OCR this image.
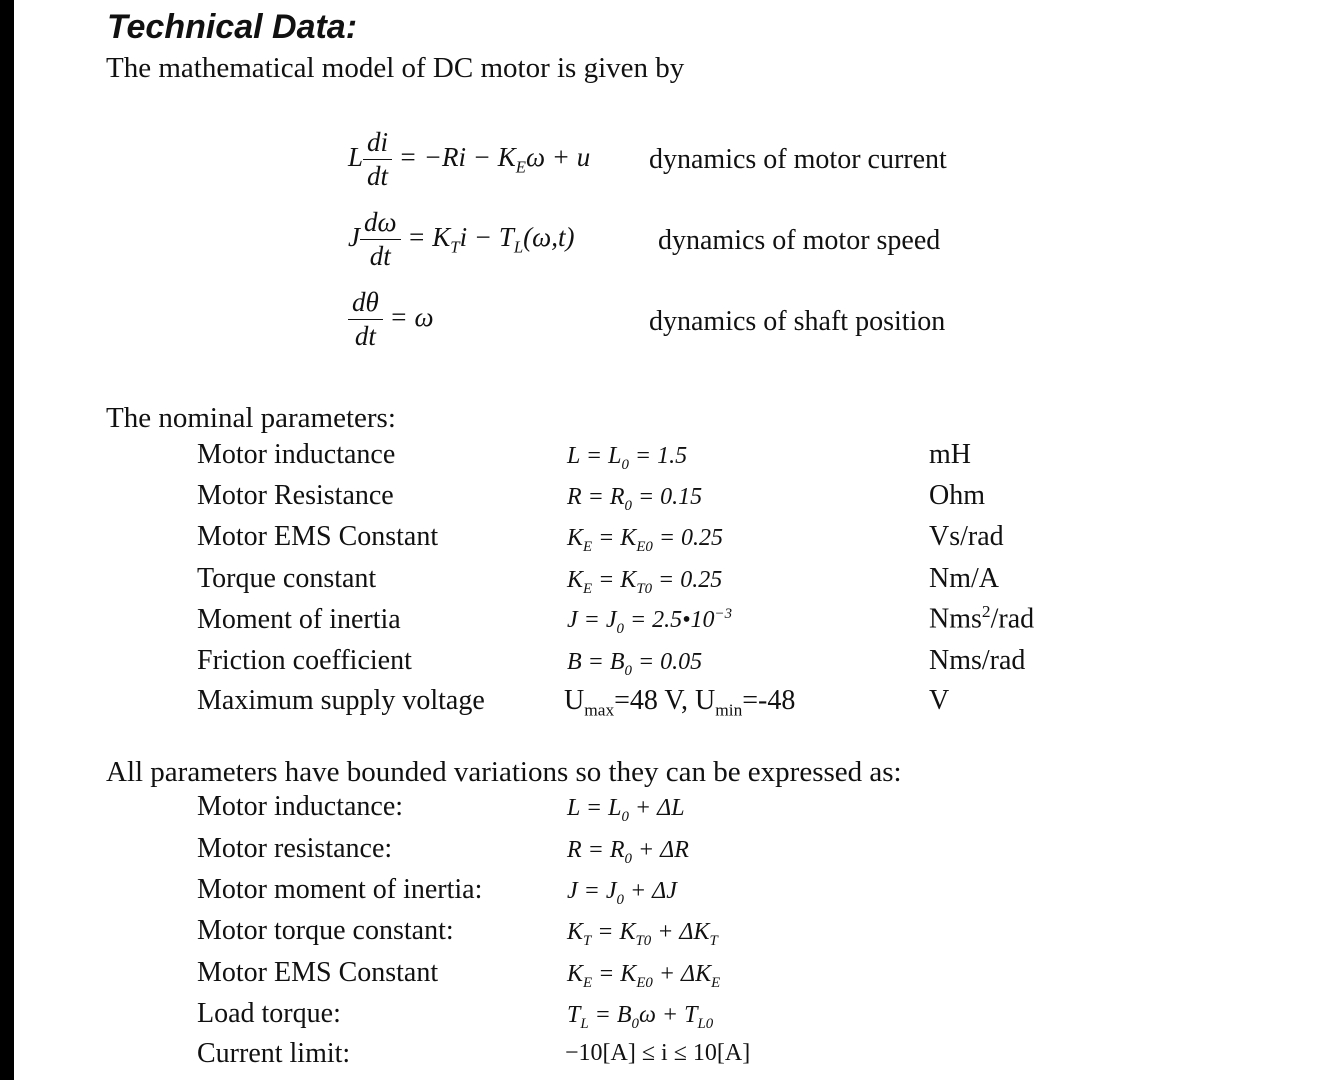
Technical Data:
The mathematical model of DC motor is given by
L $\frac{di}{dt} = -Ri - K_E\omega + u$ dynamics of motor current
J $\frac{d\omega}{dt} = K_Ti - T_L(\omega,t)$	dynamics of motor speed
$\frac{d\theta}{dt} = \omega$	dynamics of shaft position
The nominal parameters:
Motor inductance	$L = L_0 = 1.5$	mH
Motor Resistance	$R = R_0 = 0.15$	Ohm
Motor EMS Constant	$K_E = K_{E0} = 0.25$	Vs/rad
Torque constant	$K_E = K_{T0} = 0.25$	Nm/A
Moment of inertia	$J = J_0$ = $2.5•10^{-3}$	Nms$^2$/rad
Friction coefficient	$B = B_0 = 0.05$	Nms/rad
Maximum supply voltage	$U_{max}=48$ V, $U_{min}=-48$	V
All parameters have bounded variations so they can be expressed as:
Motor inductance:	$L = L_0 + \Delta L$
Motor resistance:	$R = R_0 + \Delta R$
Motor moment of inertia:	$J = J_0 + \Delta J$
Motor torque constant:	$K_T = K_{T0} + \Delta K_T$
Motor EMS Constant	$K_E = K_{E0} + \Delta K_E$
Load torque:	$T_L = B_0\omega + T_{L0}$
Current limit:	−10[A] ≤ i ≤ 10[A]
